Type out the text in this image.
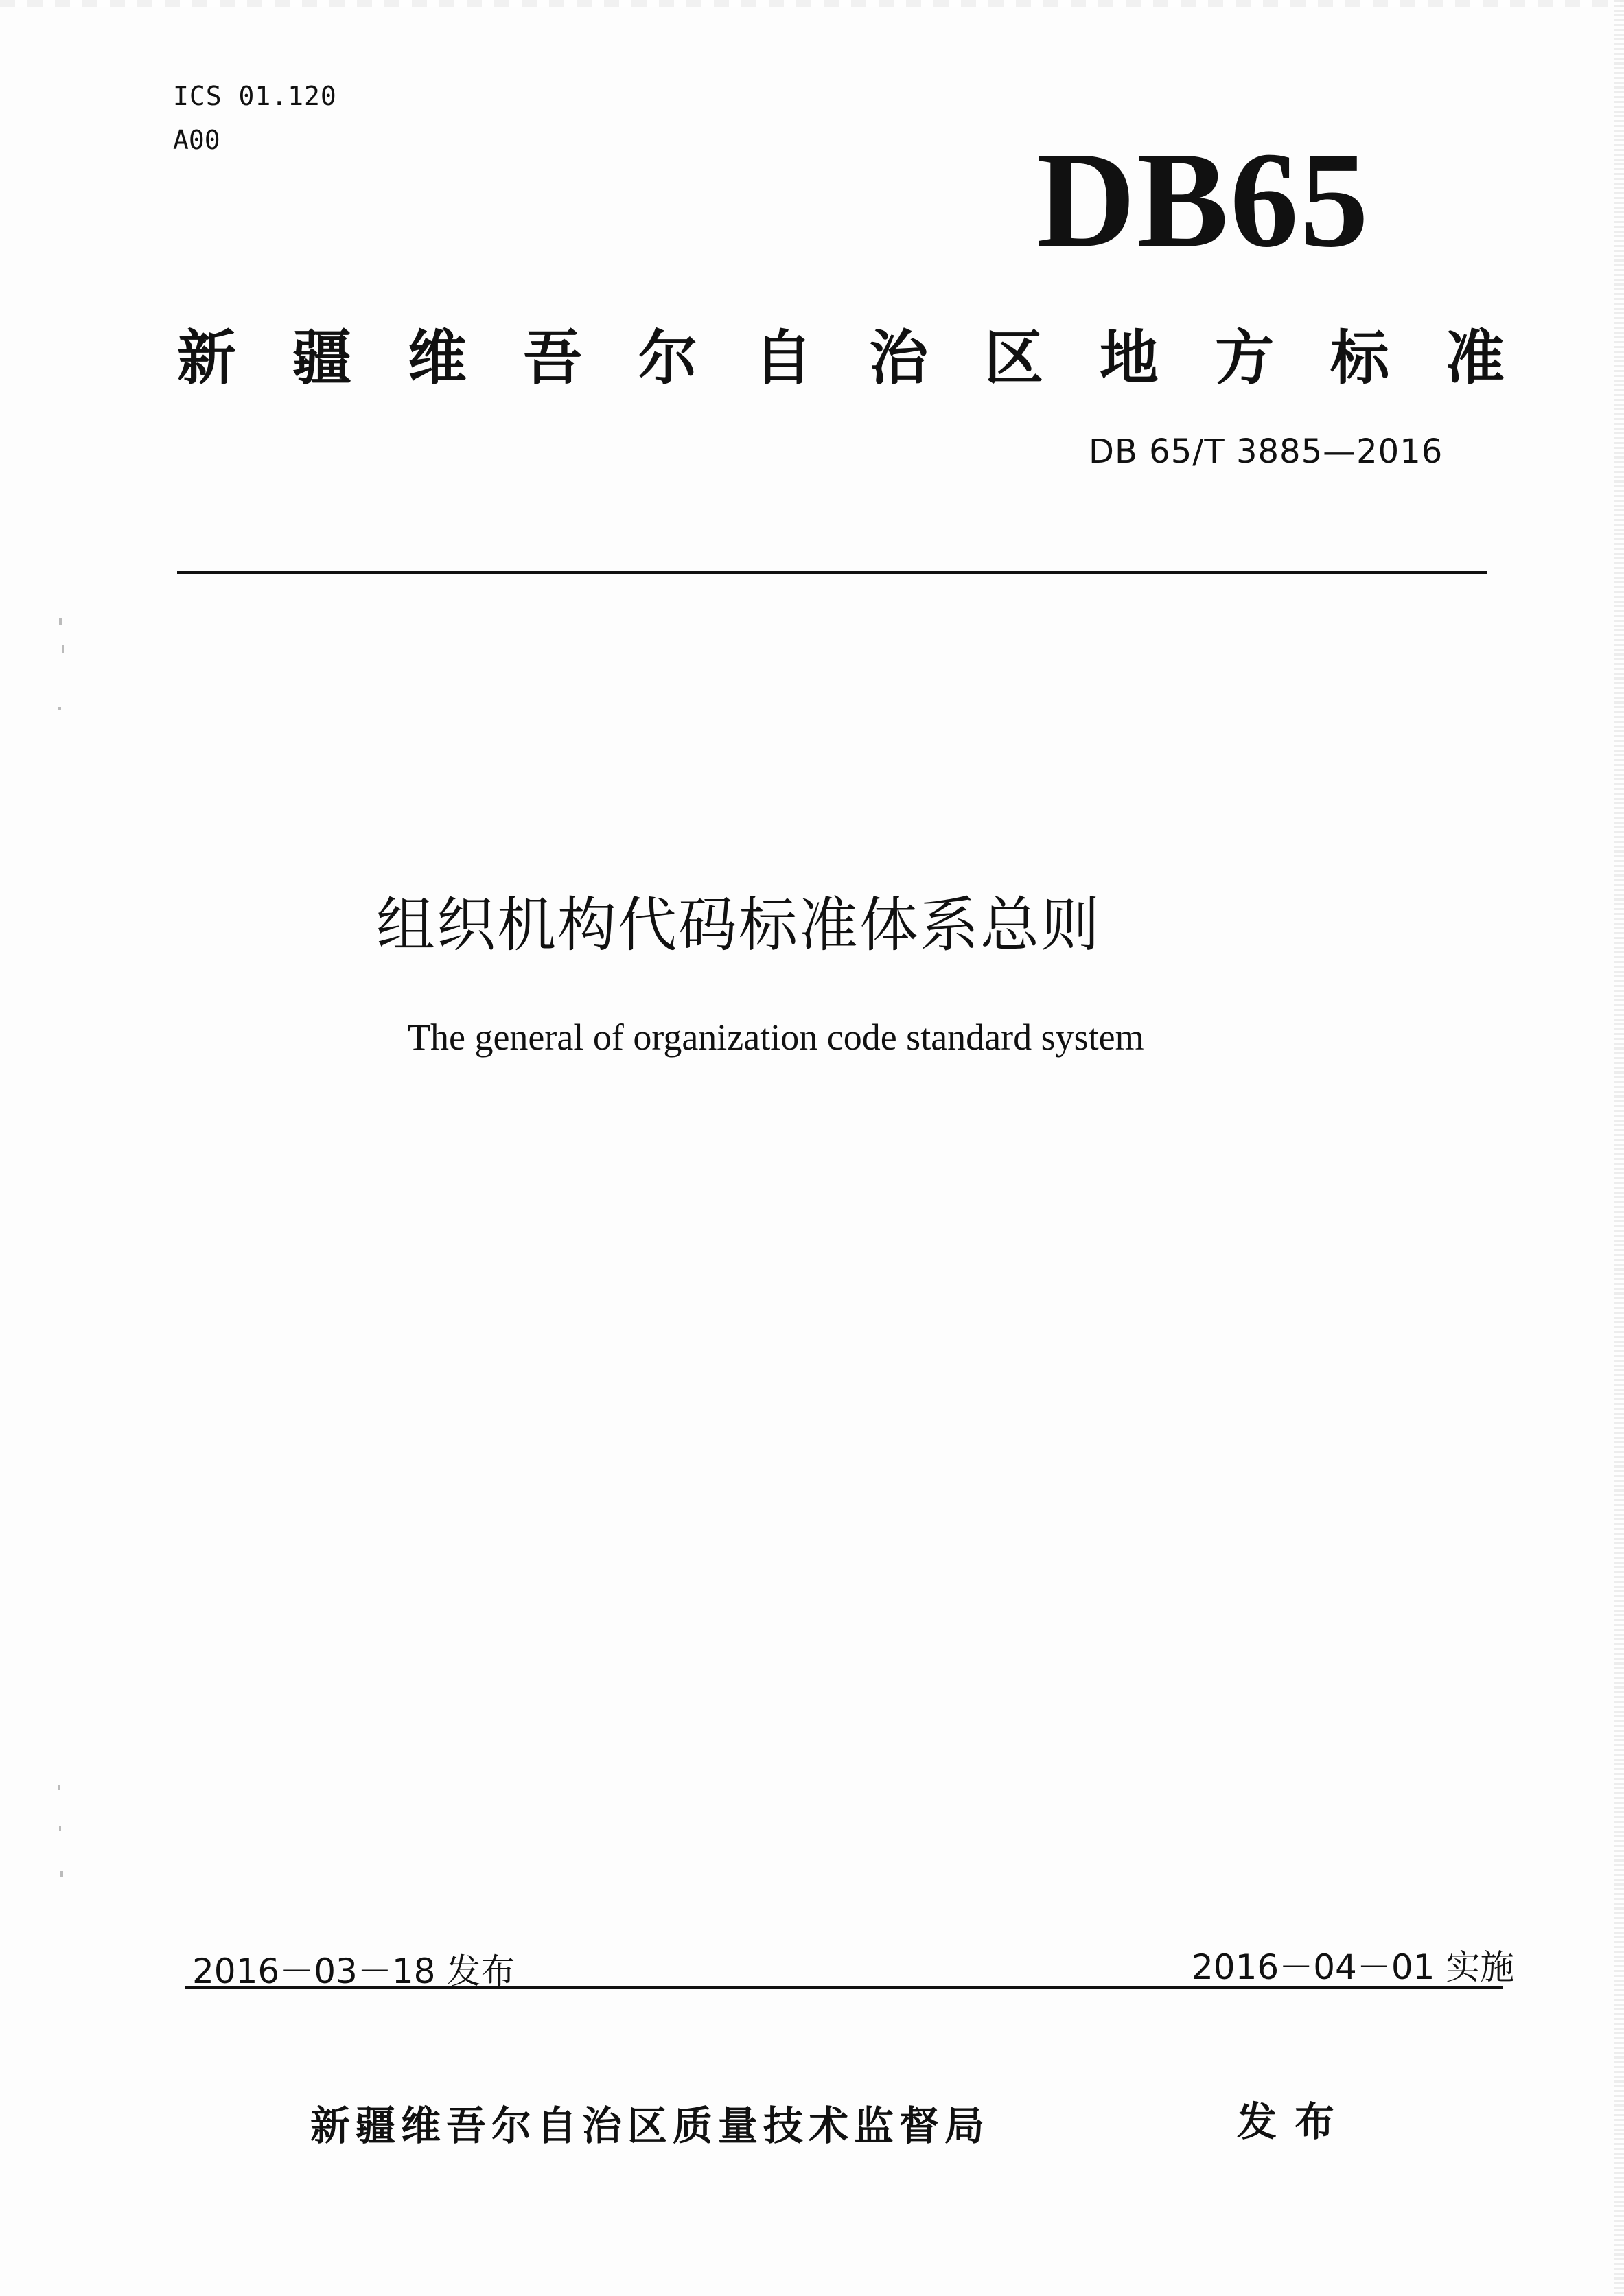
ICS 01.120
A00	DB65
新疆维吾尔自治区地方标准
DB 65/T 3885—2016
组织机构代码标准体系总则
The general of organization code standard system
2016－03－18 发布	2016－04－01 实施
新疆维吾尔自治区质量技术监督局	发布
